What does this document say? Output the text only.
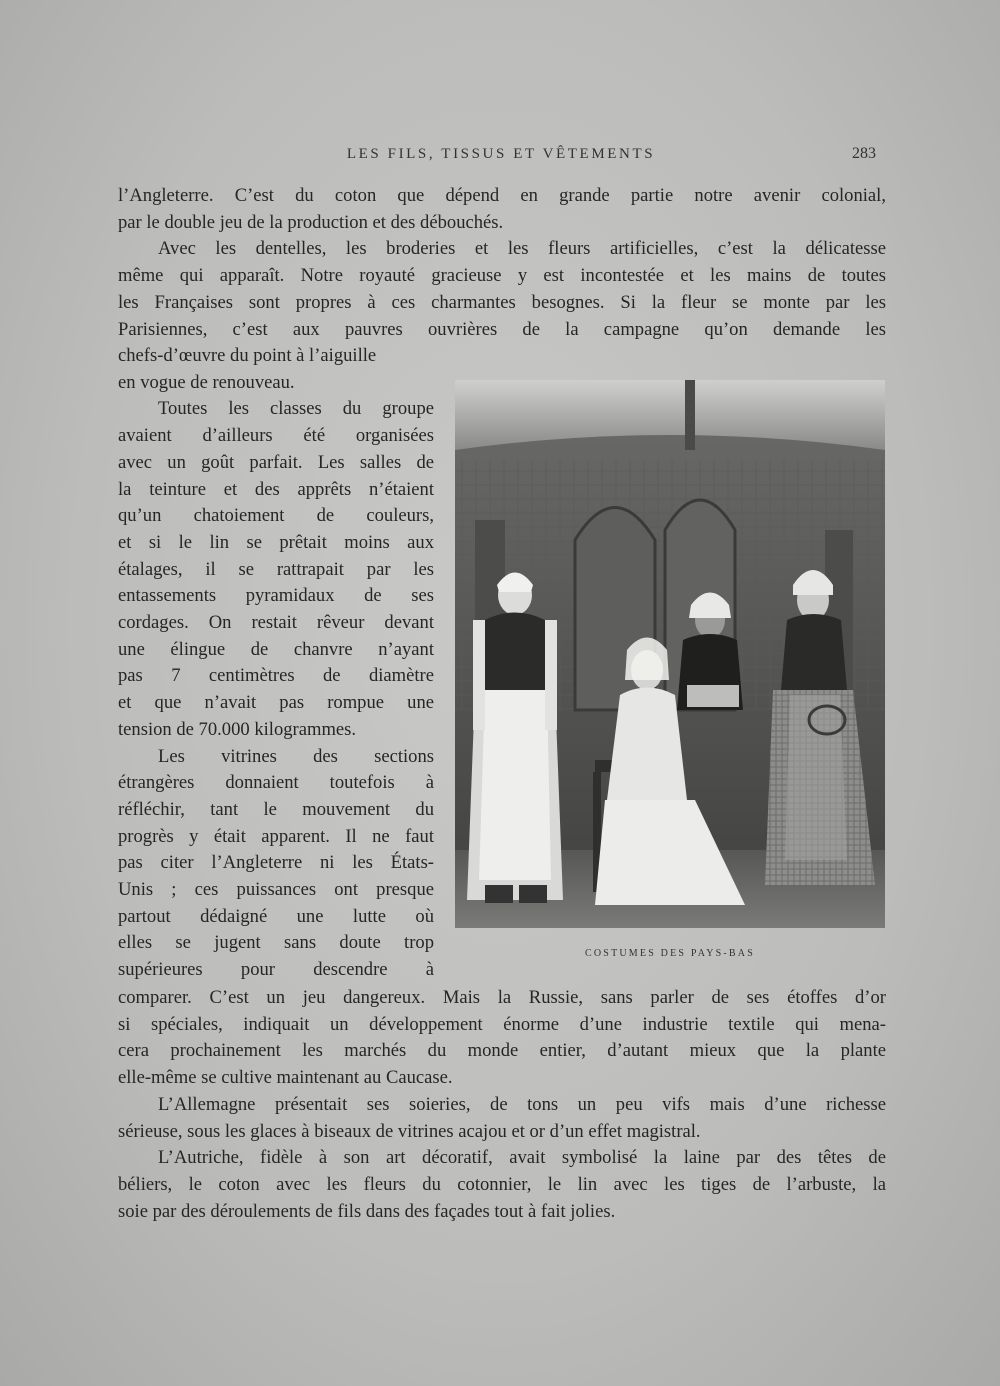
LES FILS, TISSUS ET VÊTEMENTS	283
l’Angleterre. C’est du coton que dépend en grande partie notre avenir colonial,
par le double jeu de la production et des débouchés.
Avec les dentelles, les broderies et les fleurs artificielles, c’est la délicatesse
même qui apparaît. Notre royauté gracieuse y est incontestée et les mains de toutes
les Françaises sont propres à ces charmantes besognes. Si la fleur se monte par les
Parisiennes, c’est aux pauvres ouvrières de la campagne qu’on demande les
chefs-d’œuvre du point à l’aiguille
en vogue de renouveau.
Toutes les classes du groupe
avaient d’ailleurs été organisées
avec un goût parfait. Les salles de
la teinture et des apprêts n’étaient
qu’un chatoiement de couleurs,
et si le lin se prêtait moins aux
étalages, il se rattrapait par les
entassements pyramidaux de ses
cordages. On restait rêveur devant
une élingue de chanvre n’ayant
pas 7 centimètres de diamètre
et que n’avait pas rompue une
tension de 70.000 kilogrammes.
Les vitrines des sections
étrangères donnaient toutefois à
réfléchir, tant le mouvement du
progrès y était apparent. Il ne faut
pas citer l’Angleterre ni les États-
Unis ; ces puissances ont presque
partout dédaigné une lutte où
elles se jugent sans doute trop
supérieures pour descendre à
COSTUMES DES PAYS-BAS
comparer. C’est un jeu dangereux. Mais la Russie, sans parler de ses étoffes d’or
si spéciales, indiquait un développement énorme d’une industrie textile qui mena-
cera prochainement les marchés du monde entier, d’autant mieux que la plante
elle-même se cultive maintenant au Caucase.
L’Allemagne présentait ses soieries, de tons un peu vifs mais d’une richesse
sérieuse, sous les glaces à biseaux de vitrines acajou et or d’un effet magistral.
L’Autriche, fidèle à son art décoratif, avait symbolisé la laine par des têtes de
béliers, le coton avec les fleurs du cotonnier, le lin avec les tiges de l’arbuste, la
soie par des déroulements de fils dans des façades tout à fait jolies.
